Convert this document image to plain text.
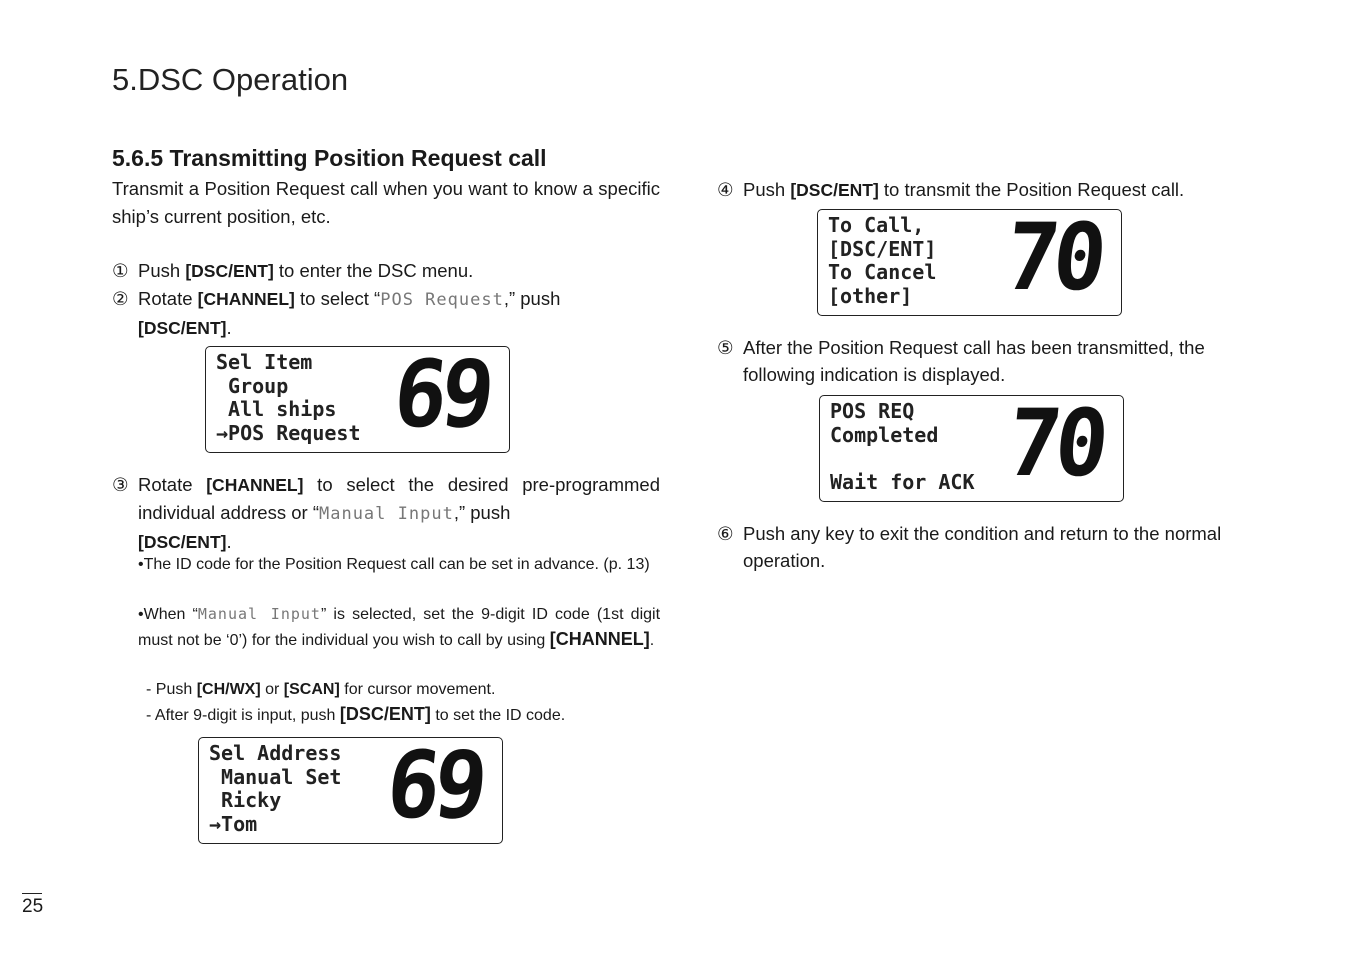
5.DSC Operation
5.6.5 Transmitting Position Request call
Transmit a Position Request call when you want to know a specific ship’s current position, etc.
① Push [DSC/ENT] to enter the DSC menu.
② Rotate [CHANNEL] to select “POS Request,” push
[DSC/ENT].
Sel Item
Group
All ships
→POS Request 69
③ Rotate [CHANNEL] to select the desired pre-programmed individual address or “Manual Input,” push
[DSC/ENT].
•The ID code for the Position Request call can be set in advance. (p. 13)
•When “Manual Input” is selected, set the 9-digit ID code (1st digit must not be ‘0’) for the individual you wish to call by using [CHANNEL].
- Push [CH/WX] or [SCAN] for cursor movement.
- After 9-digit is input, push [DSC/ENT] to set the ID code.
Sel Address
Manual Set
Ricky
→Tom	69
④ Push [DSC/ENT] to transmit the Position Request call.
To Call,
[DSC/ENT]
To Cancel
[other] 70
⑤ After the Position Request call has been transmitted, the following indication is displayed.
POS REQ
Completed

Wait for ACK 70
⑥ Push any key to exit the condition and return to the normal operation.
25
